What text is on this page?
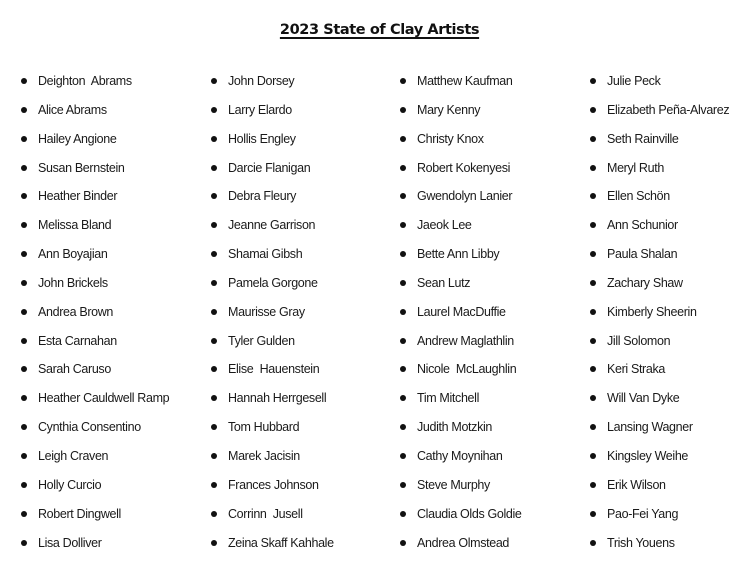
2023 State of Clay Artists
Deighton  Abrams
Alice Abrams
Hailey Angione
Susan Bernstein
Heather Binder
Melissa Bland
Ann Boyajian
John Brickels
Andrea Brown
Esta Carnahan
Sarah Caruso
Heather Cauldwell Ramp
Cynthia Consentino
Leigh Craven
Holly Curcio
Robert Dingwell
Lisa Dolliver
John Dorsey
Larry Elardo
Hollis Engley
Darcie Flanigan
Debra Fleury
Jeanne Garrison
Shamai Gibsh
Pamela Gorgone
Maurisse Gray
Tyler Gulden
Elise  Hauenstein
Hannah Herrgesell
Tom Hubbard
Marek Jacisin
Frances Johnson
Corrinn  Jusell
Zeina Skaff Kahhale
Matthew Kaufman
Mary Kenny
Christy Knox
Robert Kokenyesi
Gwendolyn Lanier
Jaeok Lee
Bette Ann Libby
Sean Lutz
Laurel MacDuffie
Andrew Maglathlin
Nicole  McLaughlin
Tim Mitchell
Judith Motzkin
Cathy Moynihan
Steve Murphy
Claudia Olds Goldie
Andrea Olmstead
Julie Peck
Elizabeth Peña-Alvarez
Seth Rainville
Meryl Ruth
Ellen Schön
Ann Schunior
Paula Shalan
Zachary Shaw
Kimberly Sheerin
Jill Solomon
Keri Straka
Will Van Dyke
Lansing Wagner
Kingsley Weihe
Erik Wilson
Pao-Fei Yang
Trish Youens
